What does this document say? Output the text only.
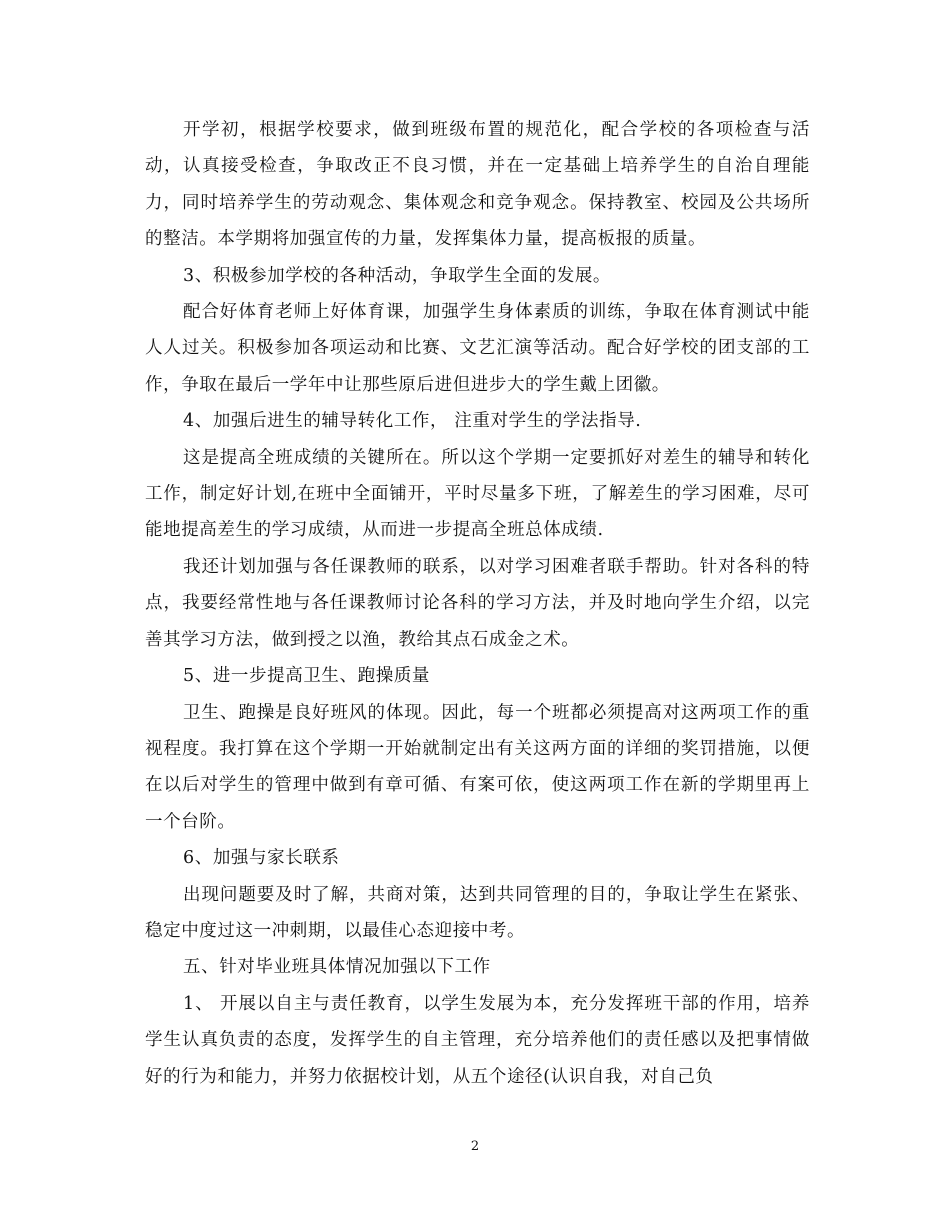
开学初，根据学校要求，做到班级布置的规范化，配合学校的各项检查与活动，认真接受检查，争取改正不良习惯，并在一定基础上培养学生的自治自理能力，同时培养学生的劳动观念、集体观念和竞争观念。保持教室、校园及公共场所的整洁。本学期将加强宣传的力量，发挥集体力量，提高板报的质量。

3、积极参加学校的各种活动，争取学生全面的发展。

配合好体育老师上好体育课，加强学生身体素质的训练，争取在体育测试中能人人过关。积极参加各项运动和比赛、文艺汇演等活动。配合好学校的团支部的工作，争取在最后一学年中让那些原后进但进步大的学生戴上团徽。

4、加强后进生的辅导转化工作， 注重对学生的学法指导.

这是提高全班成绩的关键所在。所以这个学期一定要抓好对差生的辅导和转化工作，制定好计划,在班中全面铺开，平时尽量多下班，了解差生的学习困难，尽可能地提高差生的学习成绩，从而进一步提高全班总体成绩.

我还计划加强与各任课教师的联系，以对学习困难者联手帮助。针对各科的特点，我要经常性地与各任课教师讨论各科的学习方法，并及时地向学生介绍，以完善其学习方法，做到授之以渔，教给其点石成金之术。

5、进一步提高卫生、跑操质量

卫生、跑操是良好班风的体现。因此，每一个班都必须提高对这两项工作的重视程度。我打算在这个学期一开始就制定出有关这两方面的详细的奖罚措施，以便在以后对学生的管理中做到有章可循、有案可依，使这两项工作在新的学期里再上一个台阶。

6、加强与家长联系

出现问题要及时了解，共商对策，达到共同管理的目的，争取让学生在紧张、稳定中度过这一冲刺期，以最佳心态迎接中考。

五、针对毕业班具体情况加强以下工作

1、 开展以自主与责任教育，以学生发展为本，充分发挥班干部的作用，培养学生认真负责的态度，发挥学生的自主管理，充分培养他们的责任感以及把事情做好的行为和能力，并努力依据校计划，从五个途径(认识自我，对自己负

2
